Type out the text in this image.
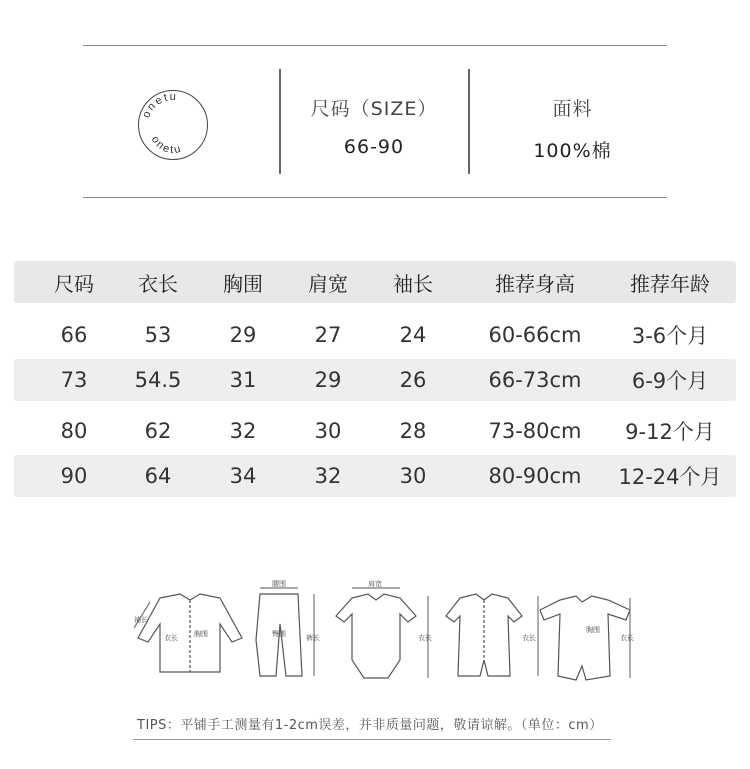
onetu
onetu
尺码（SIZE）
66-90
面料
100%棉
尺码	衣长	胸围	肩宽	袖长	推荐身高	推荐年龄
66	53	29	27	24	60-66cm	3-6个月
73	54.5	31	29	26	66-73cm	6-9个月
80	62	32	30	28	73-80cm	9-12个月
90	64	34	32	30	80-90cm	12-24个月
袖长
衣长 胸围
腰围
臀围	裤长
肩宽
衣长	衣长
胸围
衣长
TIPS：平铺手工测量有1-2cm误差，并非质量问题，敬请谅解。（单位：cm）
